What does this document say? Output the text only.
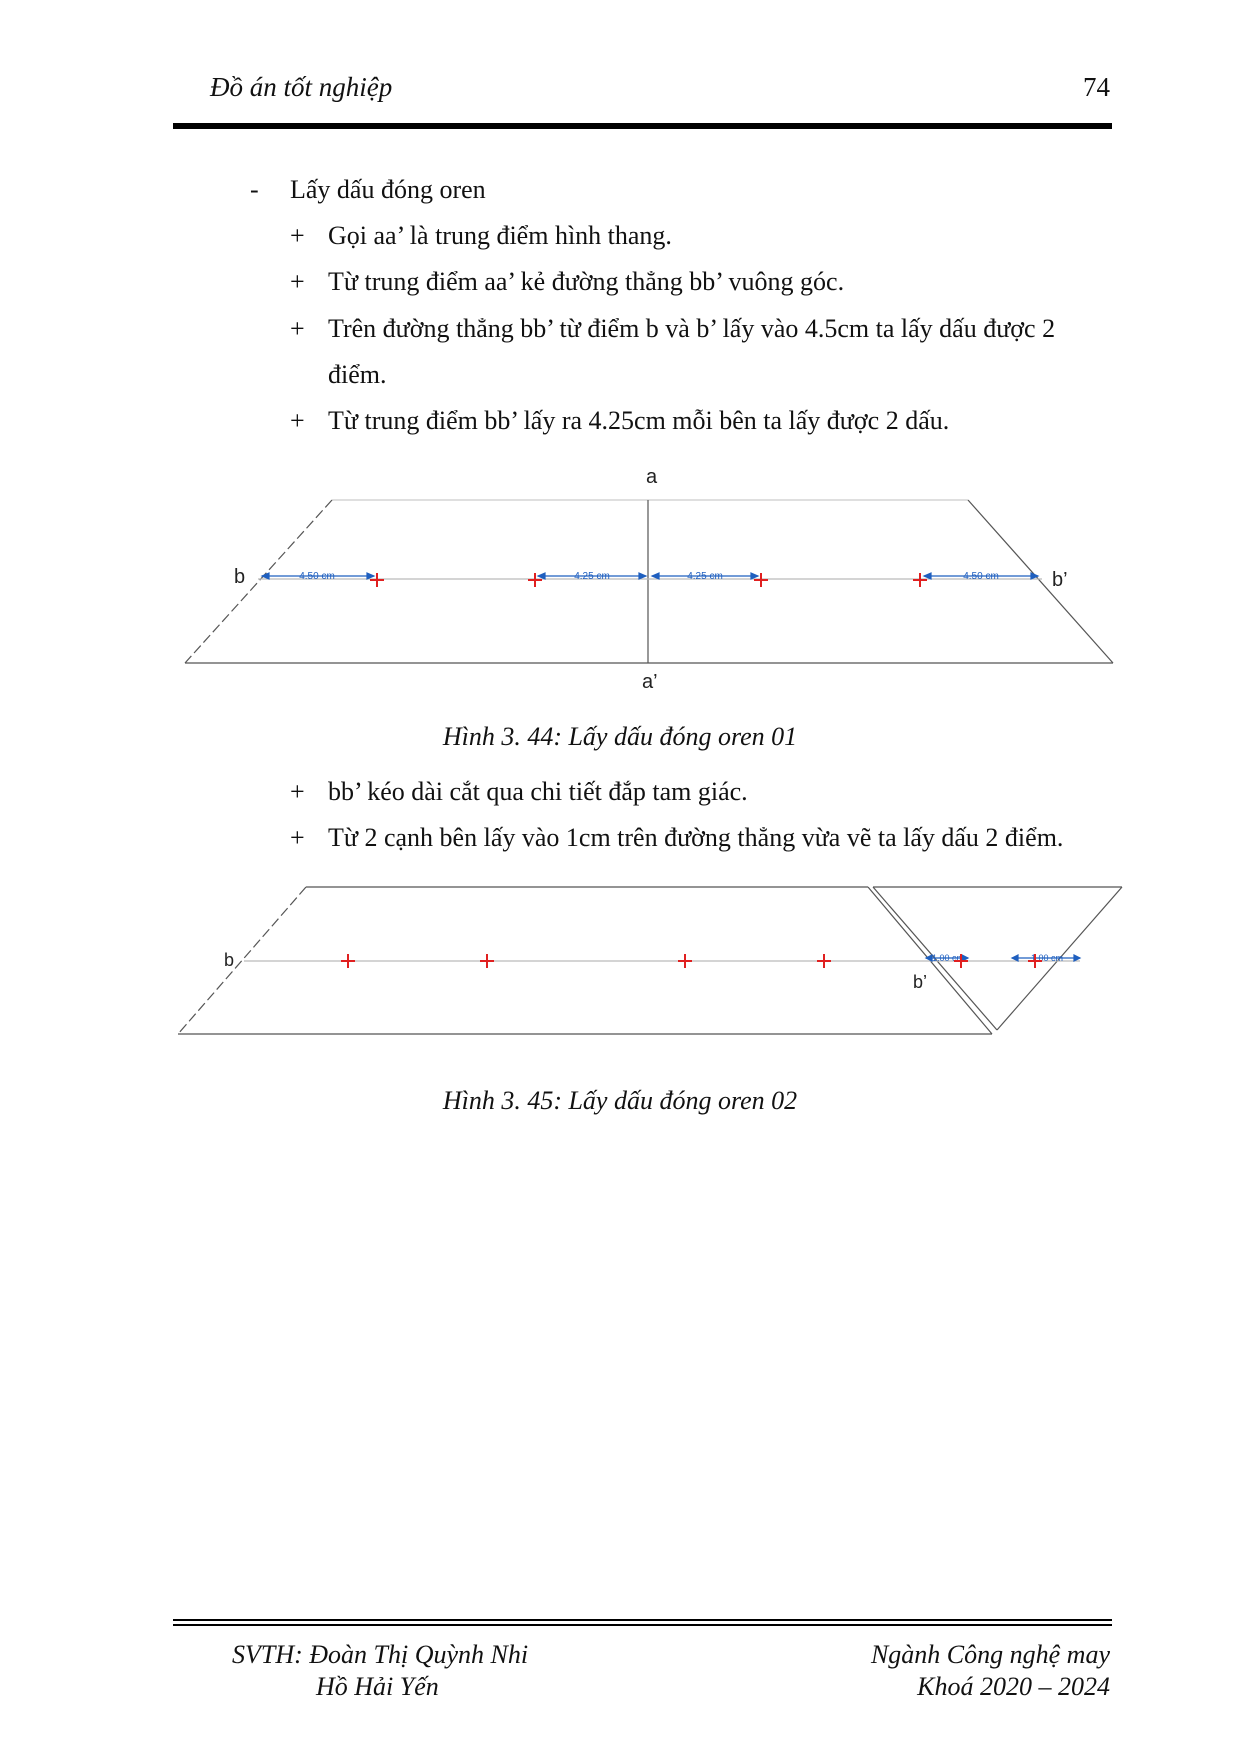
Đồ án tốt nghiệp	74
- Lấy dấu đóng oren
+ Gọi aa’ là trung điểm hình thang.
+ Từ trung điểm aa’ kẻ đường thẳng bb’ vuông góc.
+ Trên đường thẳng bb’ từ điểm b và b’ lấy vào 4.5cm ta lấy dấu được 2
điểm.
+ Từ trung điểm bb’ lấy ra 4.25cm mỗi bên ta lấy được 2 dấu.
4.50 cm	4.25 cm	4.25 cm	4.50 cm
a
a’
b	b’
Hình 3. 44: Lấy dấu đóng oren 01
+ bb’ kéo dài cắt qua chi tiết đắp tam giác.
+ Từ 2 cạnh bên lấy vào 1cm trên đường thẳng vừa vẽ ta lấy dấu 2 điểm.
1.00 cm	1.00 cm
b
b’
Hình 3. 45: Lấy dấu đóng oren 02
SVTH: Đoàn Thị Quỳnh Nhi
Hồ Hải Yến
Ngành Công nghệ may
Khoá 2020 – 2024
